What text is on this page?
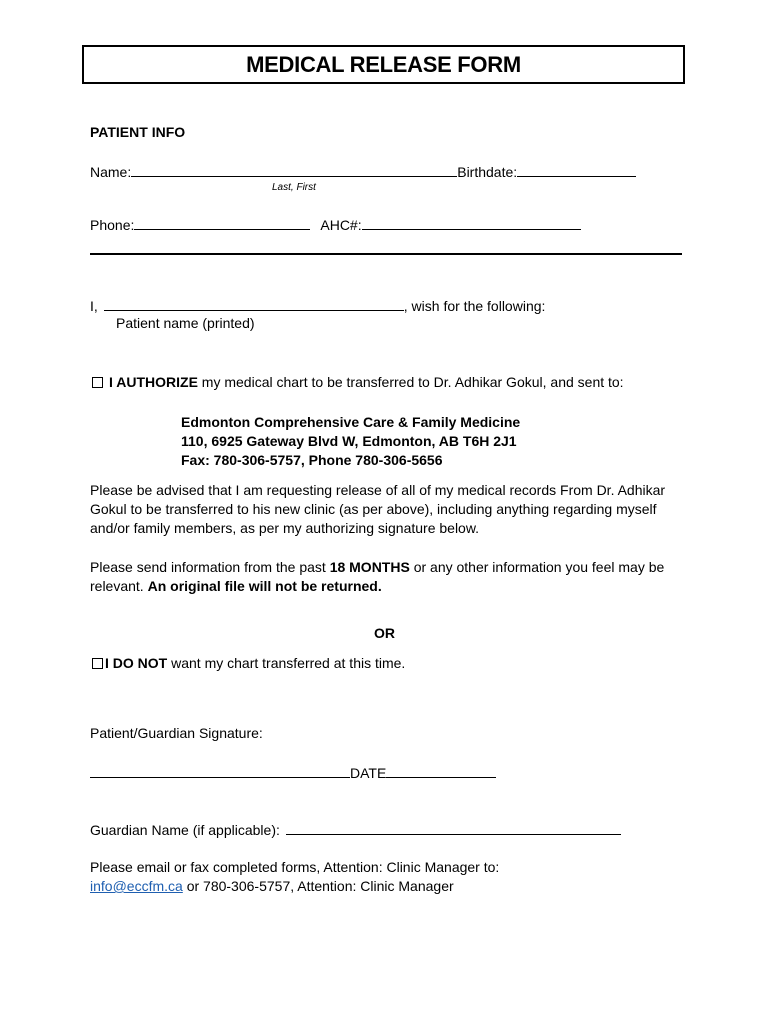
MEDICAL RELEASE FORM
PATIENT INFO
Name:	Birthdate:
Last, First
Phone:	AHC#:
I,	, wish for the following:
Patient name (printed)
I AUTHORIZE my medical chart to be transferred to Dr. Adhikar Gokul, and sent to:
Edmonton Comprehensive Care & Family Medicine
110, 6925 Gateway Blvd W, Edmonton, AB T6H 2J1
Fax: 780-306-5757, Phone 780-306-5656
Please be advised that I am requesting release of all of my medical records From Dr. Adhikar Gokul to be transferred to his new clinic (as per above), including anything regarding myself and/or family members, as per my authorizing signature below.
Please send information from the past 18 MONTHS or any other information you feel may be relevant. An original file will not be returned.
OR
I DO NOT want my chart transferred at this time.
Patient/Guardian Signature:
DATE
Guardian Name (if applicable):
Please email or fax completed forms, Attention: Clinic Manager to:
info@eccfm.ca or 780-306-5757, Attention: Clinic Manager
